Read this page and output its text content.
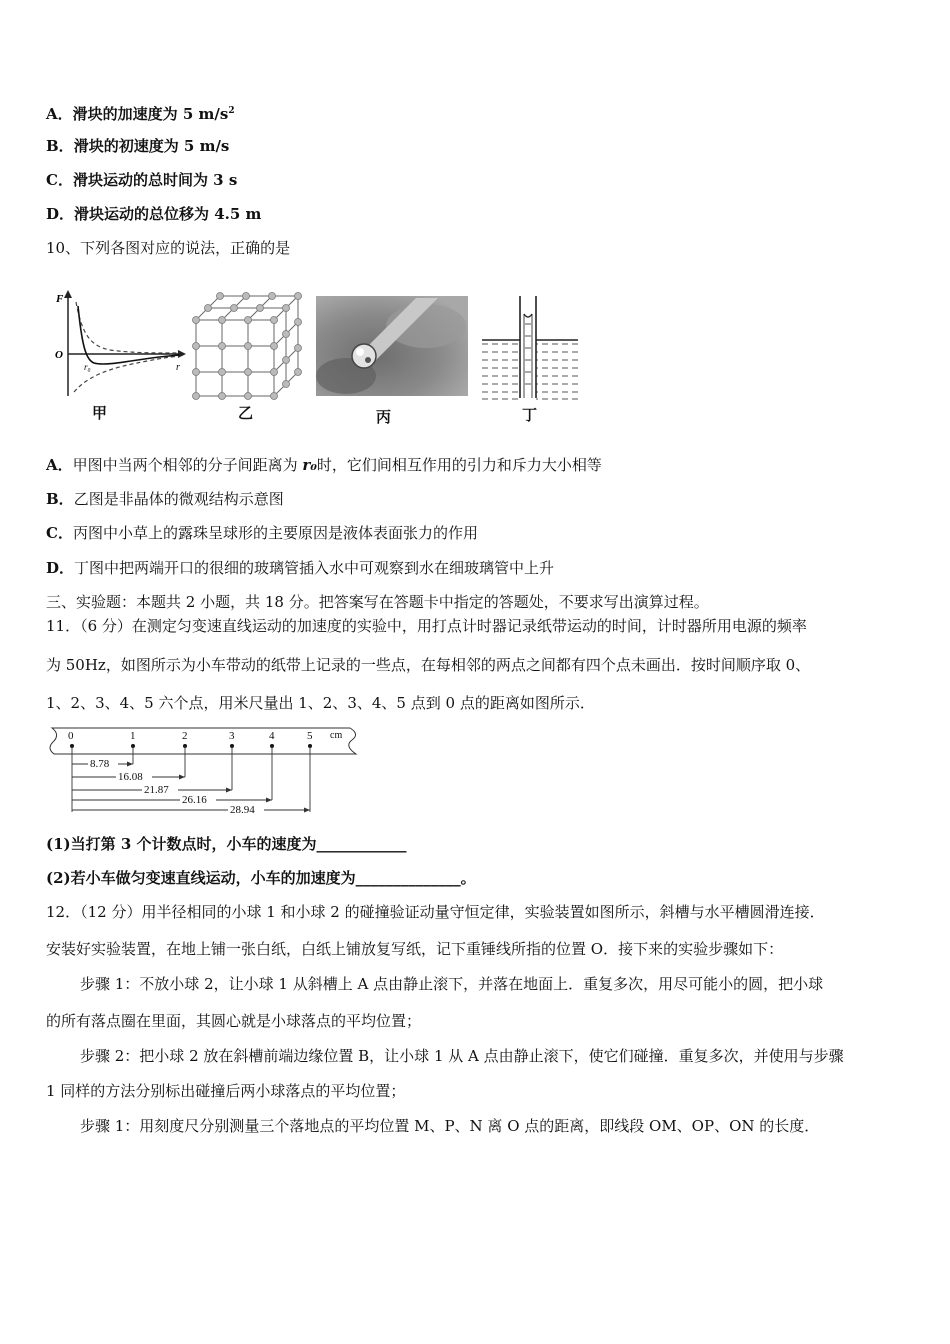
A．滑块的加速度为 5 $m/s^2$
B．滑块的初速度为 5 m/s
C．滑块运动的总时间为 3 s
D．滑块运动的总位移为 4.5 m
10、下列各图对应的说法，正确的是
F
O
r
r₀
甲	乙	丙	丁
A．甲图中当两个相邻的分子间距离为 r₀时，它们间相互作用的引力和斥力大小相等
B．乙图是非晶体的微观结构示意图
C．丙图中小草上的露珠呈球形的主要原因是液体表面张力的作用
D．丁图中把两端开口的很细的玻璃管插入水中可观察到水在细玻璃管中上升
三、实验题：本题共 2 小题，共 18 分。把答案写在答题卡中指定的答题处，不要求写出演算过程。
11．（6 分）在测定匀变速直线运动的加速度的实验中，用打点计时器记录纸带运动的时间，计时器所用电源的频率
为 50Hz，如图所示为小车带动的纸带上记录的一些点，在每相邻的两点之间都有四个点未画出．按时间顺序取 0、
1、2、3、4、5 六个点，用米尺量出 1、2、3、4、5 点到 0 点的距离如图所示．
0	1	2	3	4	5 cm
8.78
16.08
21.87
26.16
28.94
(1)当打第 3 个计数点时，小车的速度为____________
(2)若小车做匀变速直线运动，小车的加速度为______________。
12．（12 分）用半径相同的小球 1 和小球 2 的碰撞验证动量守恒定律，实验装置如图所示，斜槽与水平槽圆滑连接．
安装好实验装置，在地上铺一张白纸，白纸上铺放复写纸，记下重锤线所指的位置 O．接下来的实验步骤如下：
步骤 1：不放小球 2，让小球 1 从斜槽上 A 点由静止滚下，并落在地面上．重复多次，用尽可能小的圆，把小球
的所有落点圈在里面，其圆心就是小球落点的平均位置；
步骤 2：把小球 2 放在斜槽前端边缘位置 B，让小球 1 从 A 点由静止滚下，使它们碰撞．重复多次，并使用与步骤
1 同样的方法分别标出碰撞后两小球落点的平均位置；
步骤 1：用刻度尺分别测量三个落地点的平均位置 M、P、N 离 O 点的距离，即线段 OM、OP、ON 的长度．
